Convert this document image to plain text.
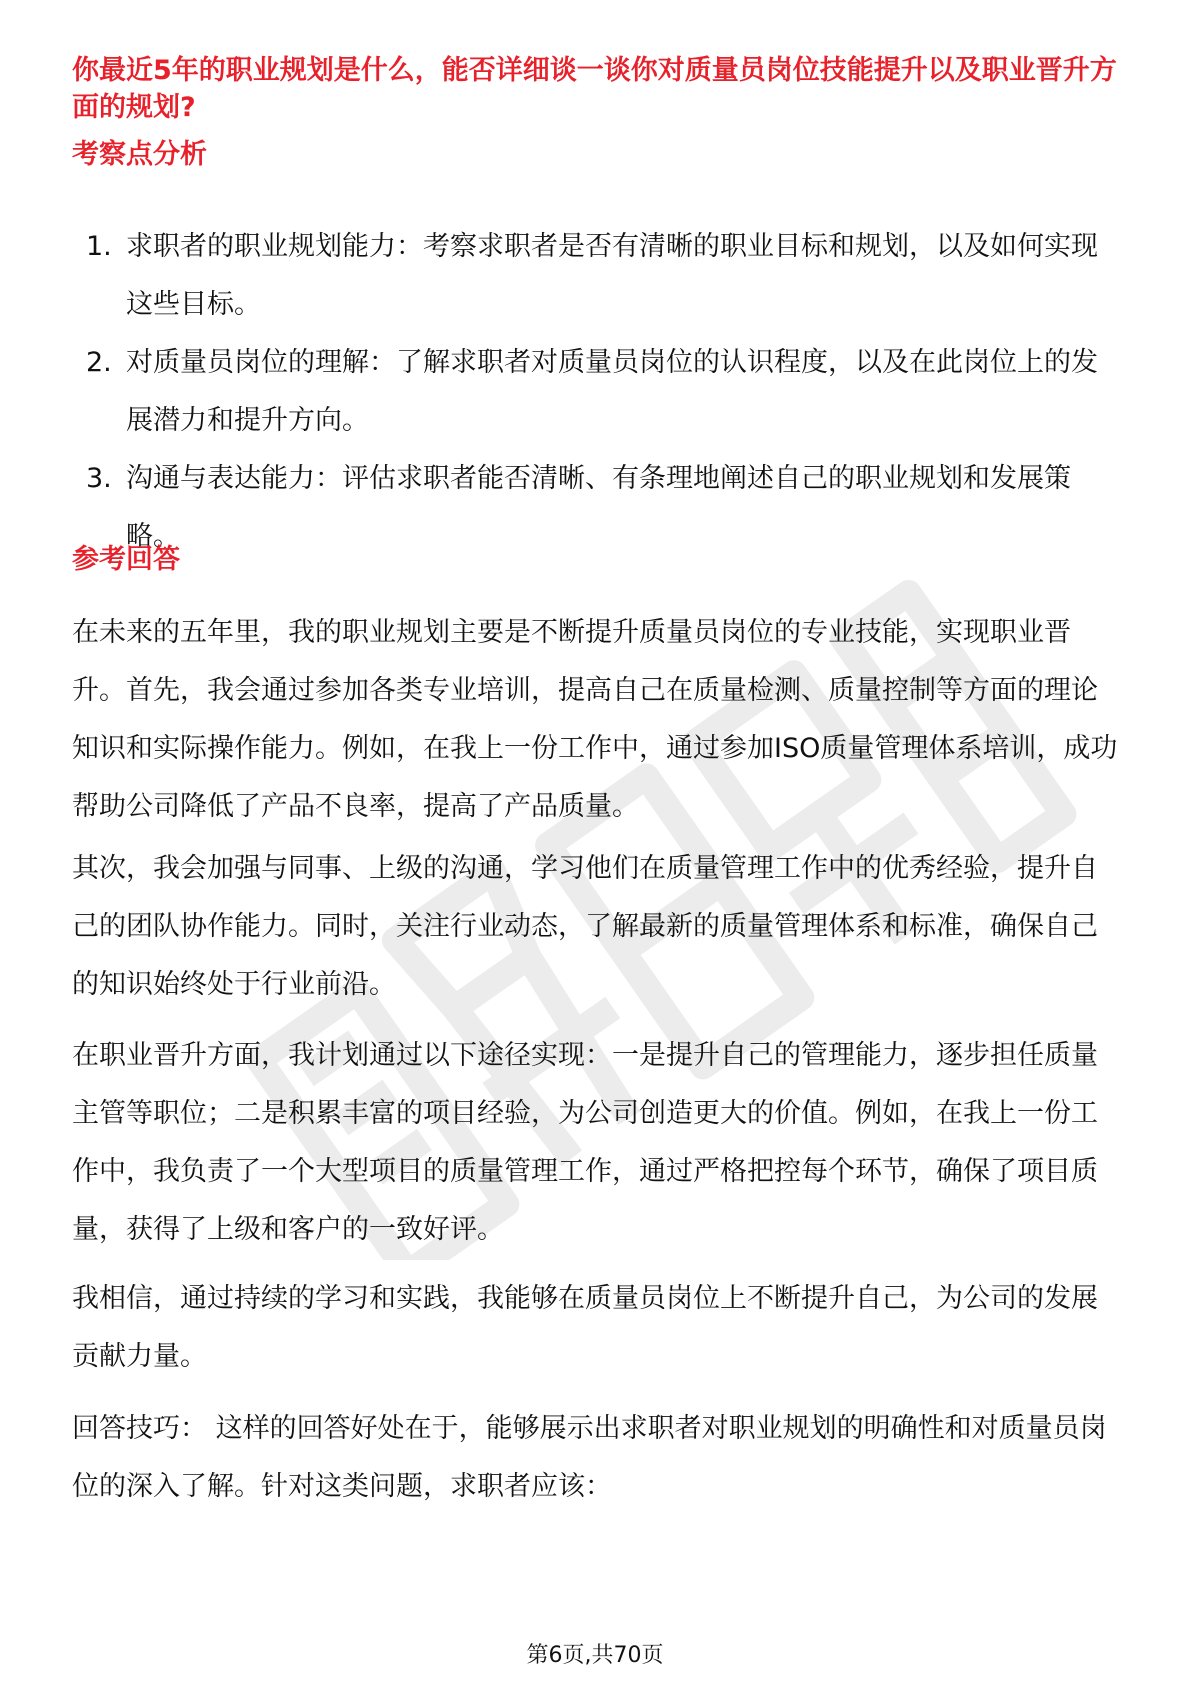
你最近5年的职业规划是什么，能否详细谈一谈你对质量员岗位技能提升以及职业晋升方面的规划?
考察点分析
1. 求职者的职业规划能力：考察求职者是否有清晰的职业目标和规划，以及如何实现这些目标。
2. 对质量员岗位的理解：了解求职者对质量员岗位的认识程度，以及在此岗位上的发展潜力和提升方向。
3. 沟通与表达能力：评估求职者能否清晰、有条理地阐述自己的职业规划和发展策略。
参考回答

在未来的五年里，我的职业规划主要是不断提升质量员岗位的专业技能，实现职业晋升。首先，我会通过参加各类专业培训，提高自己在质量检测、质量控制等方面的理论知识和实际操作能力。例如，在我上一份工作中，通过参加ISO质量管理体系培训，成功帮助公司降低了产品不良率，提高了产品质量。

其次，我会加强与同事、上级的沟通，学习他们在质量管理工作中的优秀经验，提升自己的团队协作能力。同时，关注行业动态，了解最新的质量管理体系和标准，确保自己的知识始终处于行业前沿。

在职业晋升方面，我计划通过以下途径实现：一是提升自己的管理能力，逐步担任质量主管等职位；二是积累丰富的项目经验，为公司创造更大的价值。例如，在我上一份工作中，我负责了一个大型项目的质量管理工作，通过严格把控每个环节，确保了项目质量，获得了上级和客户的一致好评。

我相信，通过持续的学习和实践，我能够在质量员岗位上不断提升自己，为公司的发展贡献力量。

回答技巧： 这样的回答好处在于，能够展示出求职者对职业规划的明确性和对质量员岗位的深入了解。针对这类问题，求职者应该：

第6页,共70页
